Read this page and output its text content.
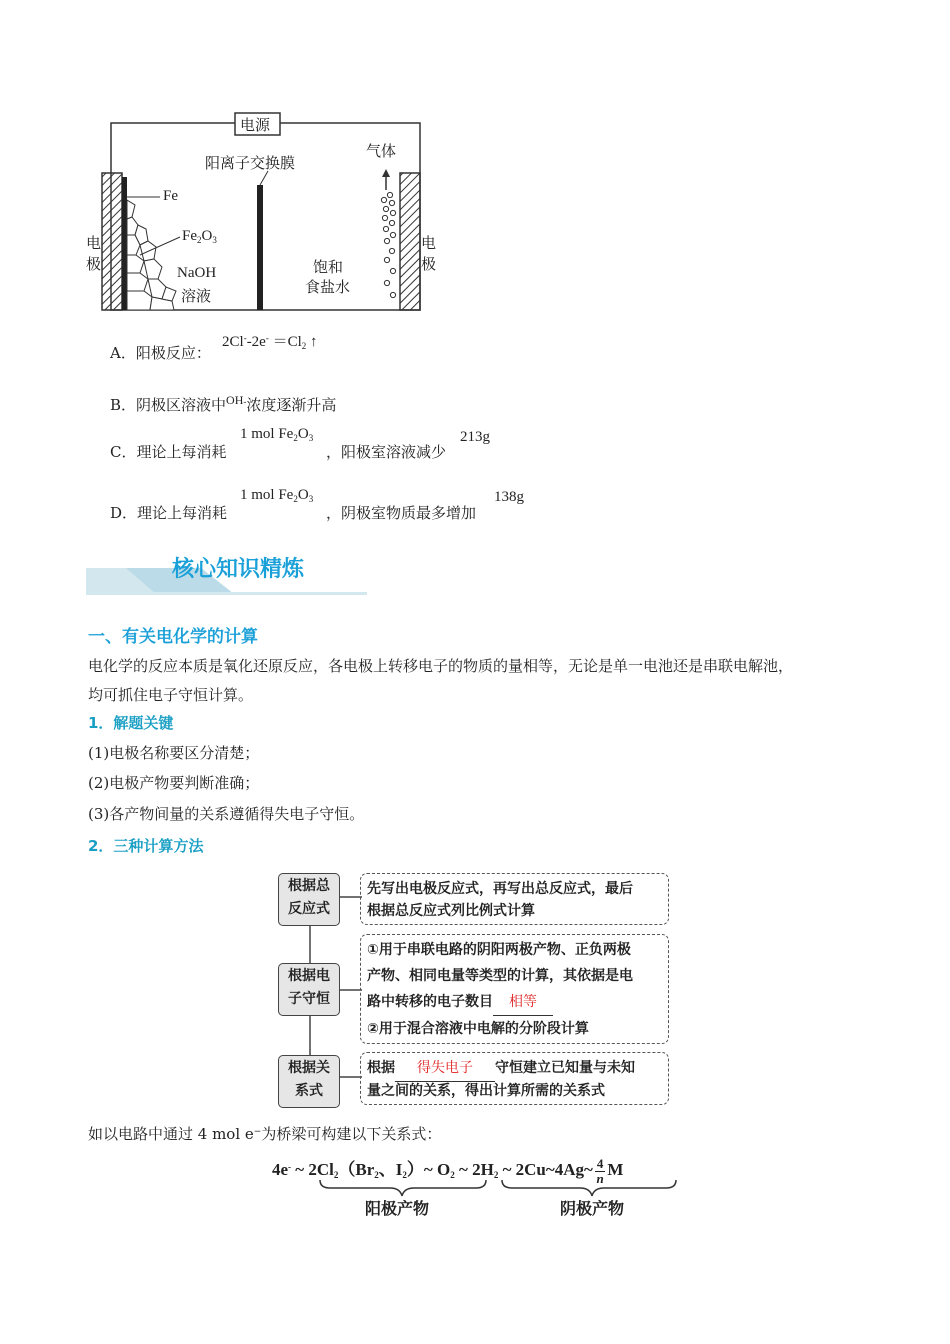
电源
阳离子交换膜
气体
Fe
$Fe_2O_3$
电
极
电
极
NaOH
溶液
饱和
食盐水
A．阳极反应：
$2Cl^--2e^- =Cl_2$ ↑
B．阴极区溶液中$^{OH-}$浓度逐渐升高
C．理论上每消耗
1 mol $Fe_2O_3$
，阳极室溶液减少
213g
D．理论上每消耗
1 mol $Fe_2O_3$
，阴极室物质最多增加
138g
核心知识精炼
一、有关电化学的计算
电化学的反应本质是氧化还原反应，各电极上转移电子的物质的量相等，无论是单一电池还是串联电解池，
均可抓住电子守恒计算。
1．解题关键
(1)电极名称要区分清楚；
(2)电极产物要判断准确；
(3)各产物间量的关系遵循得失电子守恒。
2．三种计算方法
根据总
反应式
先写出电极反应式，再写出总反应式，最后
根据总反应式列比例式计算
根据电
子守恒
①用于串联电路的阴阳两极产物、正负两极
产物、相同电量等类型的计算，其依据是电
路中转移的电子数目 相等
②用于混合溶液中电解的分阶段计算
根据关
系式
根据 得失电子 守恒建立已知量与未知
量之间的关系，得出计算所需的关系式
如以电路中通过 4 mol e−为桥梁可构建以下关系式：
4e- ~ $2Cl_2(Br_2$、$I_2)\sim$ $O_2$ ~ $2H_2$ ~ 2Cu~4Ag~ $\frac{4}{n}$ M
阳极产物	阴极产物
